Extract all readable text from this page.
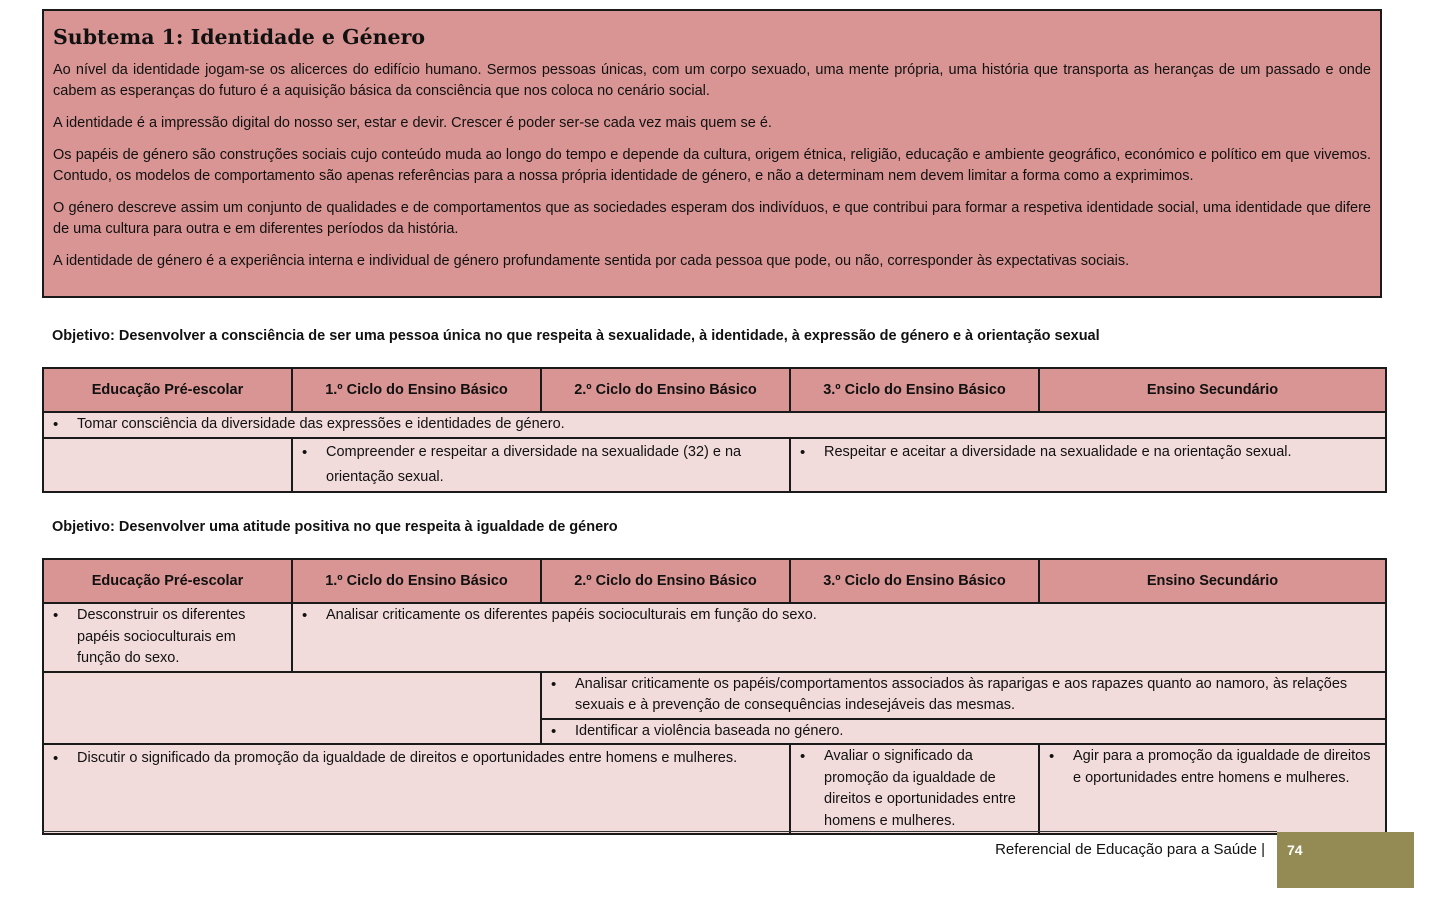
Subtema 1: Identidade e Género

Ao nível da identidade jogam-se os alicerces do edifício humano. Sermos pessoas únicas, com um corpo sexuado, uma mente própria, uma história que transporta as heranças de um passado e onde cabem as esperanças do futuro é a aquisição básica da consciência que nos coloca no cenário social.

A identidade é a impressão digital do nosso ser, estar e devir. Crescer é poder ser-se cada vez mais quem se é.

Os papéis de género são construções sociais cujo conteúdo muda ao longo do tempo e depende da cultura, origem étnica, religião, educação e ambiente geográfico, económico e político em que vivemos. Contudo, os modelos de comportamento são apenas referências para a nossa própria identidade de género, e não a determinam nem devem limitar a forma como a exprimimos.

O género descreve assim um conjunto de qualidades e de comportamentos que as sociedades esperam dos indivíduos, e que contribui para formar a respetiva identidade social, uma identidade que difere de uma cultura para outra e em diferentes períodos da história.

A identidade de género é a experiência interna e individual de género profundamente sentida por cada pessoa que pode, ou não, corresponder às expectativas sociais.

Objetivo: Desenvolver a consciência de ser uma pessoa única no que respeita à sexualidade, à identidade, à expressão de género e à orientação sexual
Educação Pré-escolar	1.º Ciclo do Ensino Básico	2.º Ciclo do Ensino Básico	3.º Ciclo do Ensino Básico	Ensino Secundário

• Tomar consciência da diversidade das expressões e identidades de género.

	• Compreender e respeitar a diversidade na sexualidade (32) e na orientação sexual.		• Respeitar e aceitar a diversidade na sexualidade e na orientação sexual.
Objetivo: Desenvolver uma atitude positiva no que respeita à igualdade de género
Educação Pré-escolar	1.º Ciclo do Ensino Básico	2.º Ciclo do Ensino Básico	3.º Ciclo do Ensino Básico	Ensino Secundário

• Desconstruir os diferentes papéis socioculturais em função do sexo.	• Analisar criticamente os diferentes papéis socioculturais em função do sexo.

		• Analisar criticamente os papéis/comportamentos associados às raparigas e aos rapazes quanto ao namoro, às relações sexuais e à prevenção de consequências indesejáveis das mesmas.

		• Identificar a violência baseada no género.

• Discutir o significado da promoção da igualdade de direitos e oportunidades entre homens e mulheres.			• Avaliar o significado da promoção da igualdade de direitos e oportunidades entre homens e mulheres.	• Agir para a promoção da igualdade de direitos e oportunidades entre homens e mulheres.
Referencial de Educação para a Saúde |	74
